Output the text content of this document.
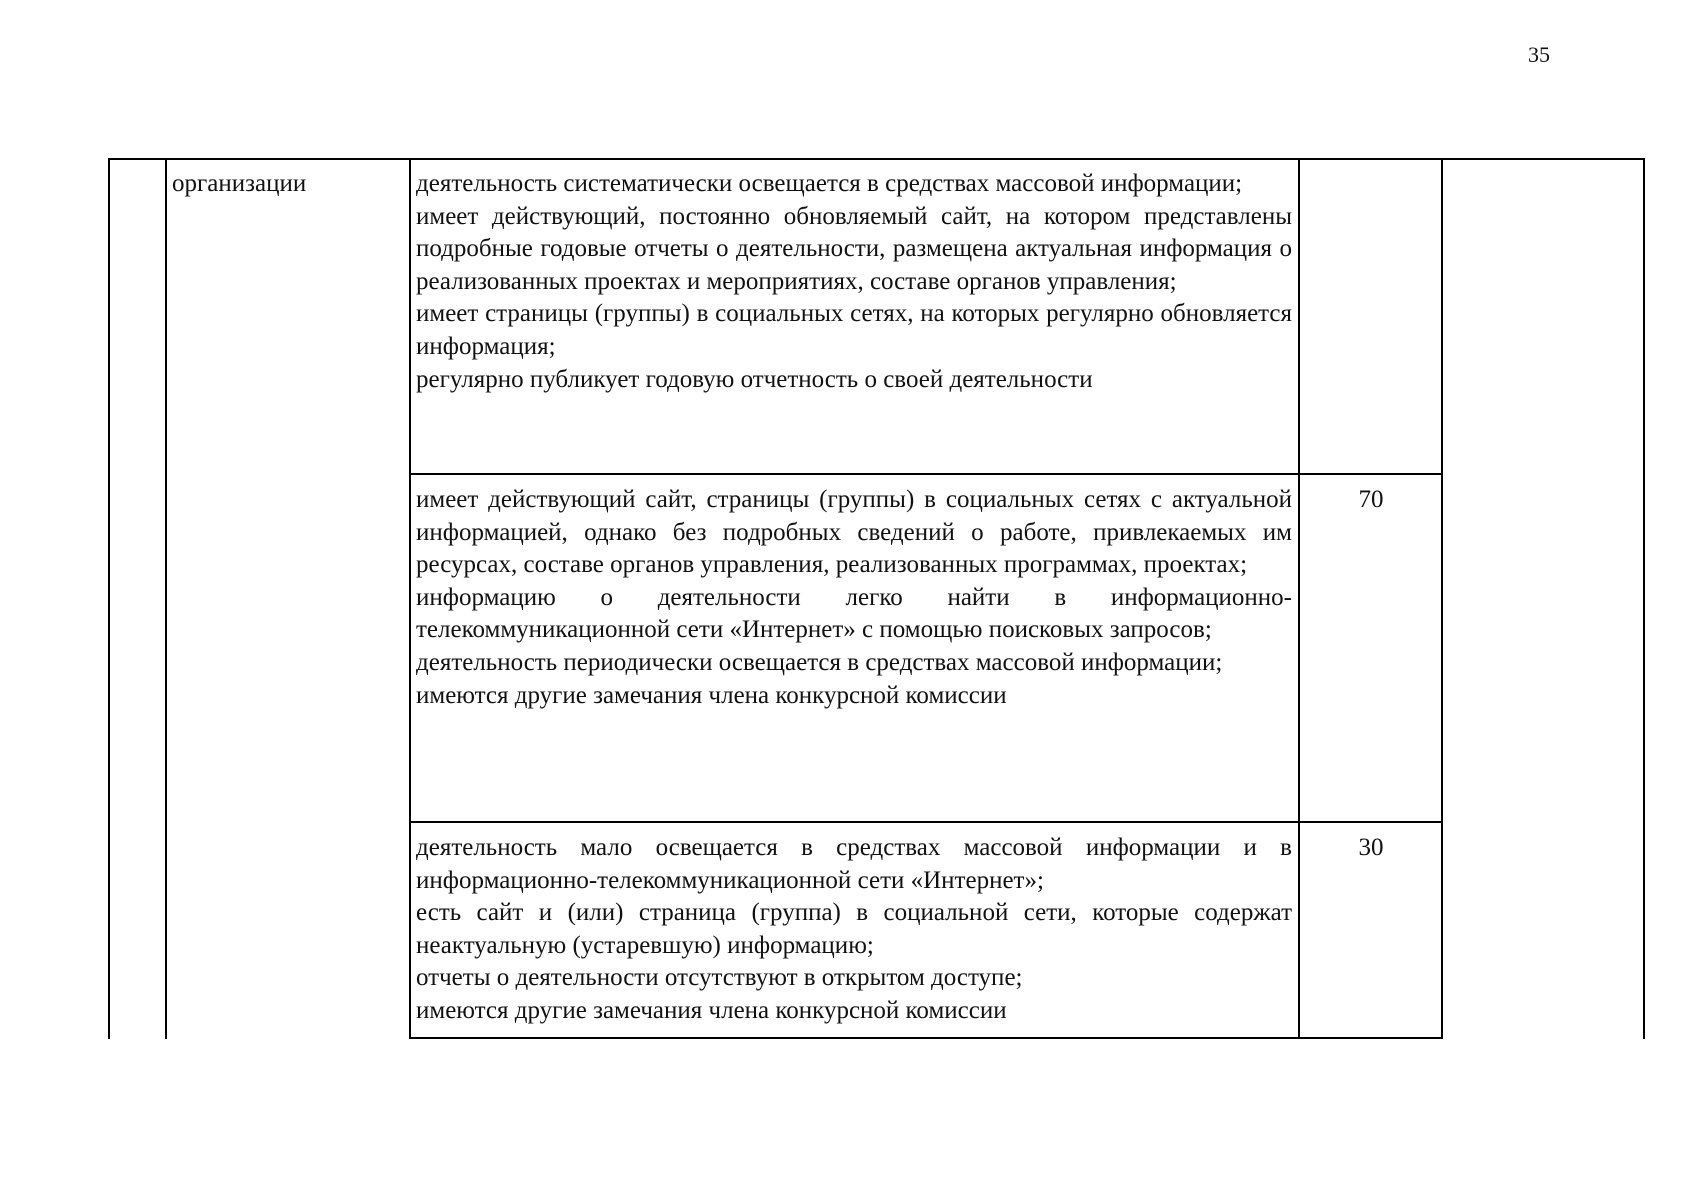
35
организации	деятельность систематически освещается в средствах массовой информации;
имеет действующий, постоянно обновляемый сайт, на котором представлены подробные годовые отчеты о деятельности, размещена актуальная информация о реализованных проектах и мероприятиях, составе органов управления;
имеет страницы (группы) в социальных сетях, на которых регулярно обновляется информация;
регулярно публикует годовую отчетность о своей деятельности
имеет действующий сайт, страницы (группы) в социальных сетях с актуальной информацией, однако без подробных сведений о работе, привлекаемых им ресурсах, составе органов управления, реализованных программах, проектах;
информацию о деятельности легко найти в информационно-телекоммуникационной сети «Интернет» с помощью поисковых запросов;
деятельность периодически освещается в средствах массовой информации;
имеются другие замечания члена конкурсной комиссии
70
деятельность мало освещается в средствах массовой информации и в информационно-телекоммуникационной сети «Интернет»;
есть сайт и (или) страница (группа) в социальной сети, которые содержат неактуальную (устаревшую) информацию;
отчеты о деятельности отсутствуют в открытом доступе;
имеются другие замечания члена конкурсной комиссии
30
